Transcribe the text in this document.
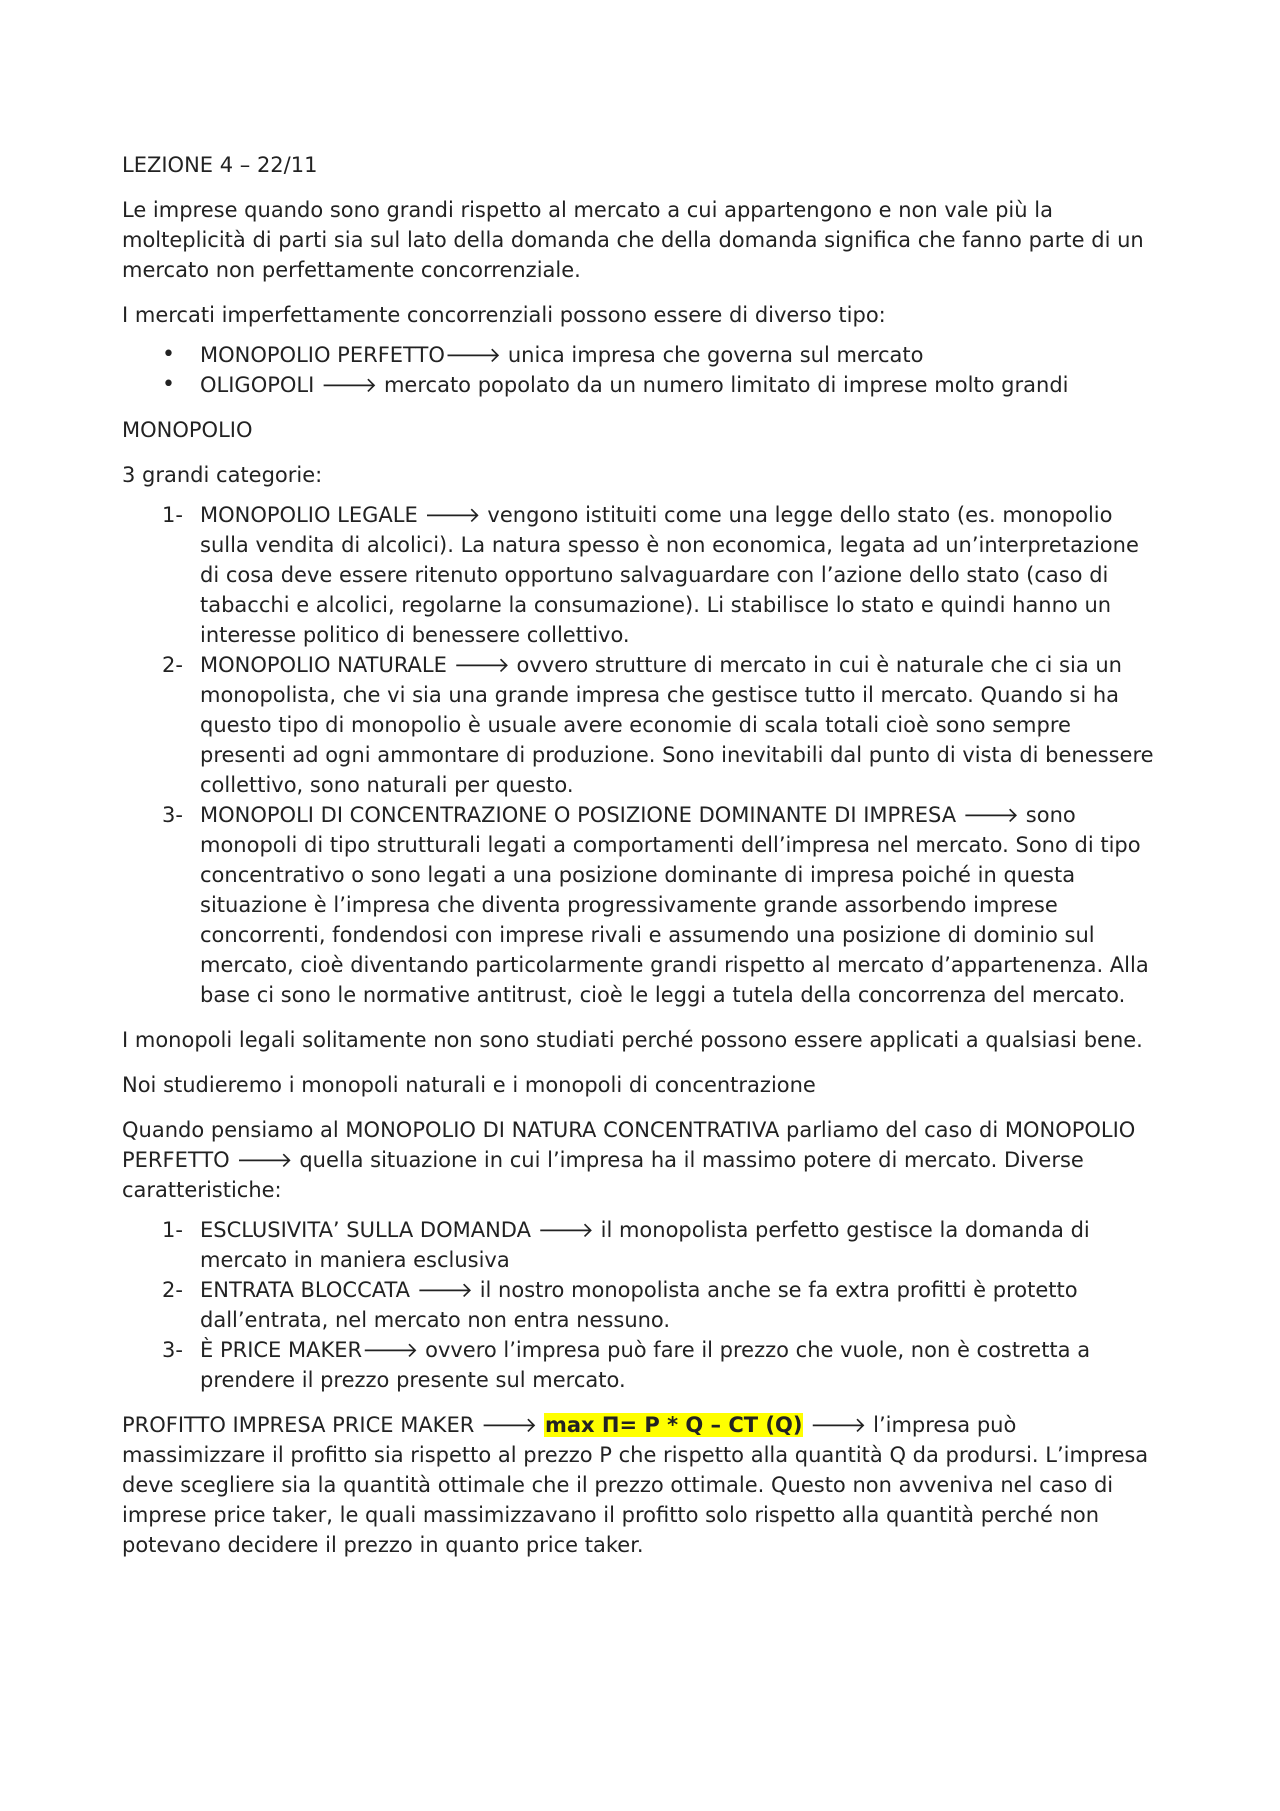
LEZIONE 4 – 22/11

Le imprese quando sono grandi rispetto al mercato a cui appartengono e non vale più la molteplicità di parti sia sul lato della domanda che della domanda significa che fanno parte di un mercato non perfettamente concorrenziale.

I mercati imperfettamente concorrenziali possono essere di diverso tipo:

• MONOPOLIO PERFETTO🡒 unica impresa che governa sul mercato
• OLIGOPOLI 🡒 mercato popolato da un numero limitato di imprese molto grandi

MONOPOLIO

3 grandi categorie:

1- MONOPOLIO LEGALE 🡒 vengono istituiti come una legge dello stato (es. monopolio sulla vendita di alcolici). La natura spesso è non economica, legata ad un’interpretazione di cosa deve essere ritenuto opportuno salvaguardare con l’azione dello stato (caso di tabacchi e alcolici, regolarne la consumazione). Li stabilisce lo stato e quindi hanno un interesse politico di benessere collettivo.
2- MONOPOLIO NATURALE 🡒 ovvero strutture di mercato in cui è naturale che ci sia un monopolista, che vi sia una grande impresa che gestisce tutto il mercato. Quando si ha questo tipo di monopolio è usuale avere economie di scala totali cioè sono sempre presenti ad ogni ammontare di produzione. Sono inevitabili dal punto di vista di benessere collettivo, sono naturali per questo.
3- MONOPOLI DI CONCENTRAZIONE O POSIZIONE DOMINANTE DI IMPRESA 🡒 sono monopoli di tipo strutturali legati a comportamenti dell’impresa nel mercato. Sono di tipo concentrativo o sono legati a una posizione dominante di impresa poiché in questa situazione è l’impresa che diventa progressivamente grande assorbendo imprese concorrenti, fondendosi con imprese rivali e assumendo una posizione di dominio sul mercato, cioè diventando particolarmente grandi rispetto al mercato d’appartenenza. Alla base ci sono le normative antitrust, cioè le leggi a tutela della concorrenza del mercato.

I monopoli legali solitamente non sono studiati perché possono essere applicati a qualsiasi bene.

Noi studieremo i monopoli naturali e i monopoli di concentrazione

Quando pensiamo al MONOPOLIO DI NATURA CONCENTRATIVA parliamo del caso di MONOPOLIO PERFETTO 🡒 quella situazione in cui l’impresa ha il massimo potere di mercato. Diverse caratteristiche:

1- ESCLUSIVITA’ SULLA DOMANDA 🡒 il monopolista perfetto gestisce la domanda di mercato in maniera esclusiva
2- ENTRATA BLOCCATA 🡒 il nostro monopolista anche se fa extra profitti è protetto dall’entrata, nel mercato non entra nessuno.
3- È PRICE MAKER🡒 ovvero l’impresa può fare il prezzo che vuole, non è costretta a prendere il prezzo presente sul mercato.

PROFITTO IMPRESA PRICE MAKER 🡒 max Π= P * Q – CT (Q) 🡒 l’impresa può massimizzare il profitto sia rispetto al prezzo P che rispetto alla quantità Q da prodursi. L’impresa deve scegliere sia la quantità ottimale che il prezzo ottimale. Questo non avveniva nel caso di imprese price taker, le quali massimizzavano il profitto solo rispetto alla quantità perché non potevano decidere il prezzo in quanto price taker.
